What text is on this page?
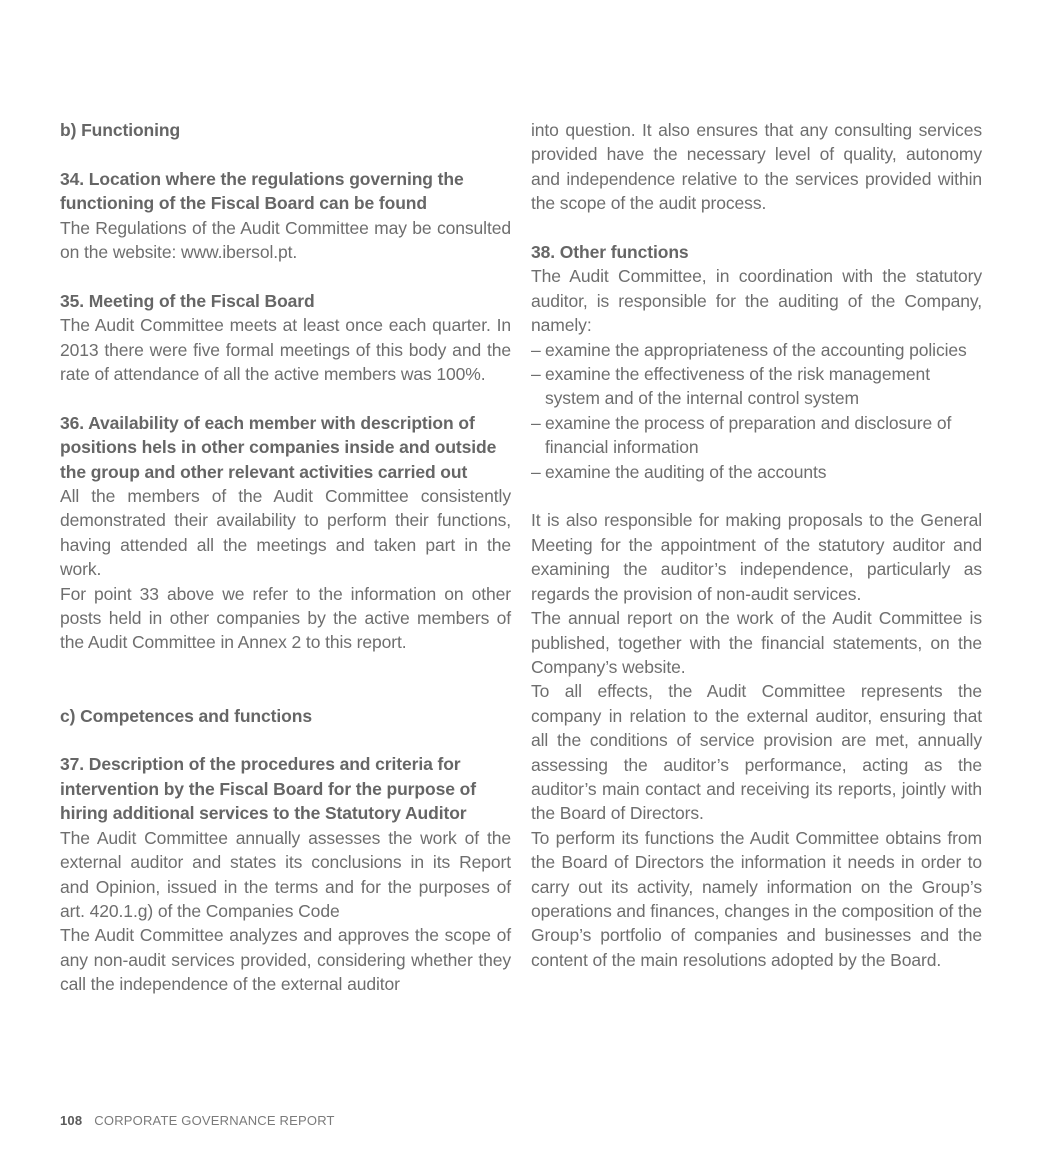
b) Functioning

34. Location where the regulations governing the functioning of the Fiscal Board can be found

The Regulations of the Audit Committee may be consulted on the website: www.ibersol.pt.

35. Meeting of the Fiscal Board

The Audit Committee meets at least once each quarter. In 2013 there were five formal meetings of this body and the rate of attendance of all the active members was 100%.

36. Availability of each member with description of positions hels in other companies inside and outside the group and other relevant activities carried out

All the members of the Audit Committee consistently demonstrated their availability to perform their functions, having attended all the meetings and taken part in the work.

For point 33 above we refer to the information on other posts held in other companies by the active members of the Audit Committee in Annex 2 to this report.

c) Competences and functions

37. Description of the procedures and criteria for intervention by the Fiscal Board for the purpose of hiring additional services to the Statutory Auditor

The Audit Committee annually assesses the work of the external auditor and states its conclusions in its Report and Opinion, issued in the terms and for the purposes of art. 420.1.g) of the Companies Code

The Audit Committee analyzes and approves the scope of any non-audit services provided, considering whether they call the independence of the external auditor

into question. It also ensures that any consulting services provided have the necessary level of quality, autonomy and independence relative to the services provided within the scope of the audit process.

38. Other functions

The Audit Committee, in coordination with the statutory auditor, is responsible for the auditing of the Company, namely:

– examine the appropriateness of the accounting policies
– examine the effectiveness of the risk management system and of the internal control system
– examine the process of preparation and disclosure of financial information
– examine the auditing of the accounts

It is also responsible for making proposals to the General Meeting for the appointment of the statutory auditor and examining the auditor’s independence, particularly as regards the provision of non-audit services.

The annual report on the work of the Audit Committee is published, together with the financial statements, on the Company’s website.

To all effects, the Audit Committee represents the company in relation to the external auditor, ensuring that all the conditions of service provision are met, annually assessing the auditor’s performance, acting as the auditor’s main contact and receiving its reports, jointly with the Board of Directors.

To perform its functions the Audit Committee obtains from the Board of Directors the information it needs in order to carry out its activity, namely information on the Group’s operations and finances, changes in the composition of the Group’s portfolio of companies and businesses and the content of the main resolutions adopted by the Board.

108 CORPORATE GOVERNANCE REPORT
